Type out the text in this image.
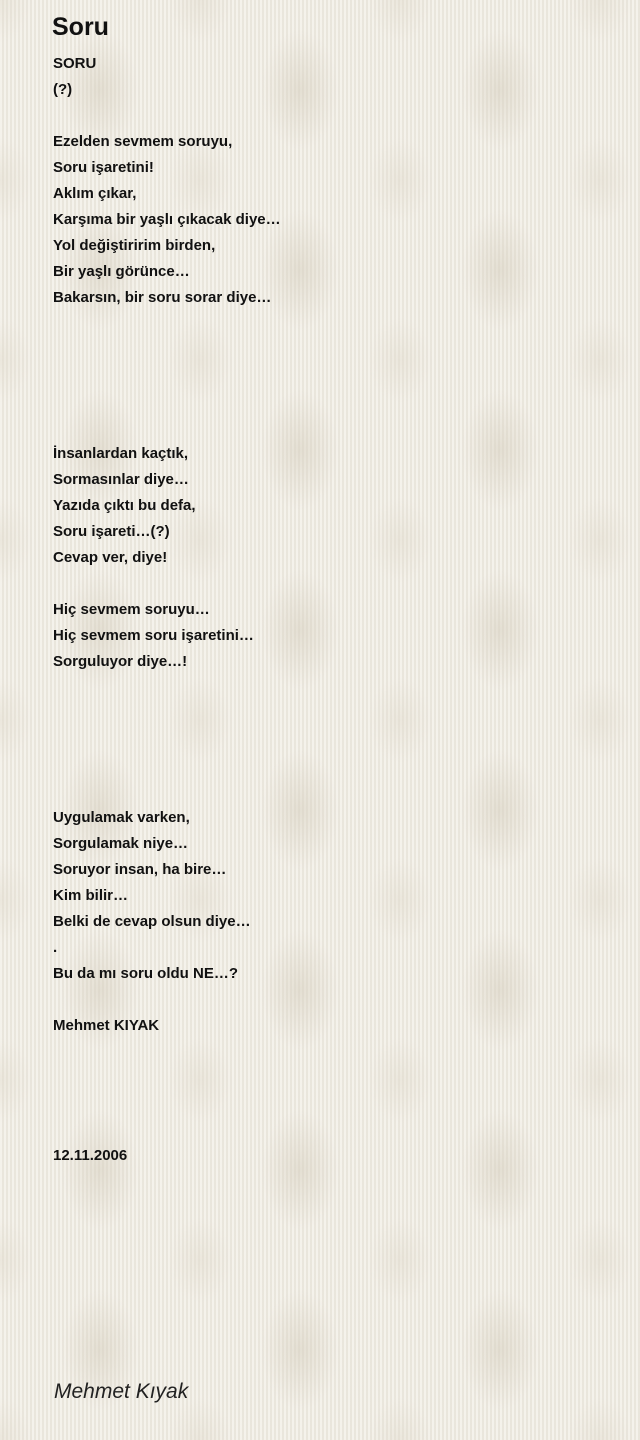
Soru
SORU
(?)
Ezelden sevmem soruyu,
Soru işaretini!
Aklım çıkar,
Karşıma bir yaşlı çıkacak diye…
Yol değiştiririm birden,
Bir yaşlı görünce…
Bakarsın, bir soru sorar diye…
İnsanlardan kaçtık,
Sormasınlar diye…
Yazıda çıktı bu defa,
Soru işareti…(?)
Cevap ver, diye!
Hiç sevmem soruyu…
Hiç sevmem soru işaretini…
Sorguluyor diye…!
Uygulamak varken,
Sorgulamak niye…
Soruyor insan, ha bire…
Kim bilir…
Belki de cevap olsun diye…
.
Bu da mı soru oldu NE…?
Mehmet KIYAK
12.11.2006
Mehmet Kıyak
